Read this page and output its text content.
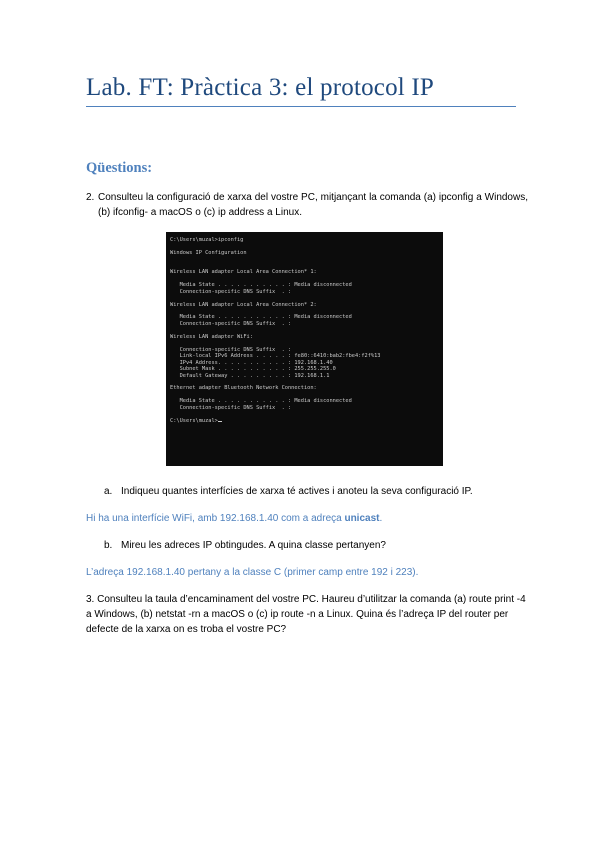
Lab. FT: Pràctica 3: el protocol IP
Qüestions:
2. Consulteu la configuració de xarxa del vostre PC, mitjançant la comanda (a) ipconfig a Windows, (b) ifconfig- a macOS o (c) ip address a Linux.
C:\Users\muzal>ipconfig

Windows IP Configuration

Wireless LAN adapter Local Area Connection* 1:

Media State . . . . . . . . . . . : Media disconnected
Connection-specific DNS Suffix  . :

Wireless LAN adapter Local Area Connection* 2:

Media State . . . . . . . . . . . : Media disconnected
Connection-specific DNS Suffix  . :

Wireless LAN adapter WiFi:

Connection-specific DNS Suffix  . :
Link-local IPv6 Address . . . . . : fe80::6410:bab2:fbe4:f2f%13
IPv4 Address. . . . . . . . . . . : 192.168.1.40
Subnet Mask . . . . . . . . . . . : 255.255.255.0
Default Gateway . . . . . . . . . : 192.168.1.1

Ethernet adapter Bluetooth Network Connection:

Media State . . . . . . . . . . . : Media disconnected
Connection-specific DNS Suffix  . :

C:\Users\muzal>
a. Indiqueu quantes interfícies de xarxa té actives i anoteu la seva configuració IP.
Hi ha una interfície WiFi, amb 192.168.1.40 com a adreça unicast.
b. Mireu les adreces IP obtingudes. A quina classe pertanyen?
L’adreça 192.168.1.40 pertany a la classe C (primer camp entre 192 i 223).
3. Consulteu la taula d’encaminament del vostre PC. Haureu d’utilitzar la comanda (a) route print -4 a Windows, (b) netstat -rn a macOS o (c) ip route -n a Linux. Quina és l’adreça IP del router per defecte de la xarxa on es troba el vostre PC?
